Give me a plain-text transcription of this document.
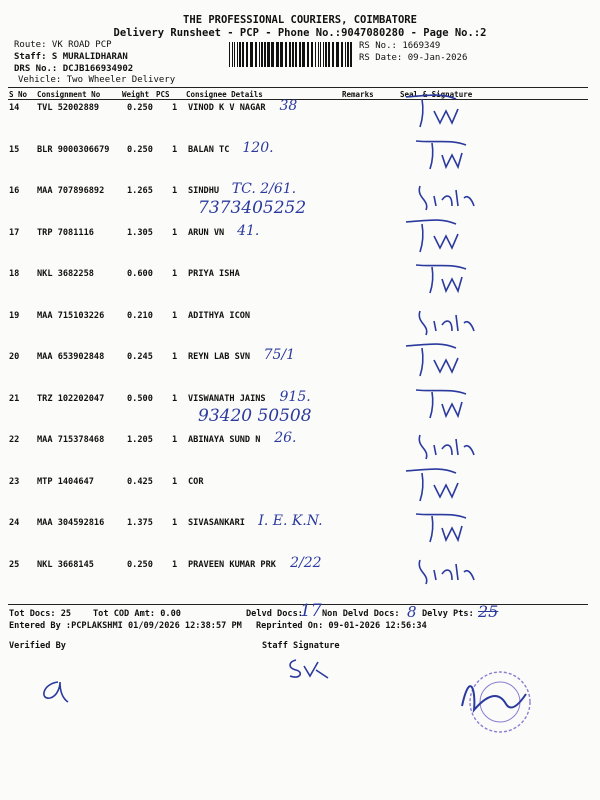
THE PROFESSIONAL COURIERS, COIMBATORE
Delivery Runsheet - PCP - Phone No.:9047080280 - Page No.:2
Route: VK ROAD PCP
Staff: S MURALIDHARAN
DRS No.: DCJB166934902
Vehicle: Two Wheeler Delivery
RS No.: 1669349
RS Date: 09-Jan-2026
S No Consignment No	Weight PCS Consignee Details	Remarks	Seal & Signature
14 TVL 52002889	0.250 1 VINOD K V NAGAR 38
15 BLR 9000306679 0.250 1 BALAN TC 120.
16 MAA 707896892	1.265 1 SINDHU TC. 2/61.
7373405252
17 TRP 7081116	1.305 1 ARUN VN 41.
18 NKL 3682258	0.600 1 PRIYA ISHA
19 MAA 715103226	0.210 1 ADITHYA ICON
20 MAA 653902848	0.245 1 REYN LAB SVN 75/1
21 TRZ 102202047	0.500 1 VISWANATH JAINS 915.
93420 50508
22 MAA 715378468	1.205 1 ABINAYA SUND N 26.
23 MTP 1404647	0.425 1 COR
24 MAA 304592816	1.375 1 SIVASANKARI I. E. K.N.
25 NKL 3668145	0.250 1 PRAVEEN KUMAR PRK 2/22
Tot Docs: 25	Tot COD Amt: 0.00	Delvd Docs:
17 Non Delvd Docs: 8 Delvy Pts: 25
Entered By :PCPLAKSHMI 01/09/2026 12:38:57 PM Reprinted On: 09-01-2026 12:56:34
Verified By	Staff Signature
